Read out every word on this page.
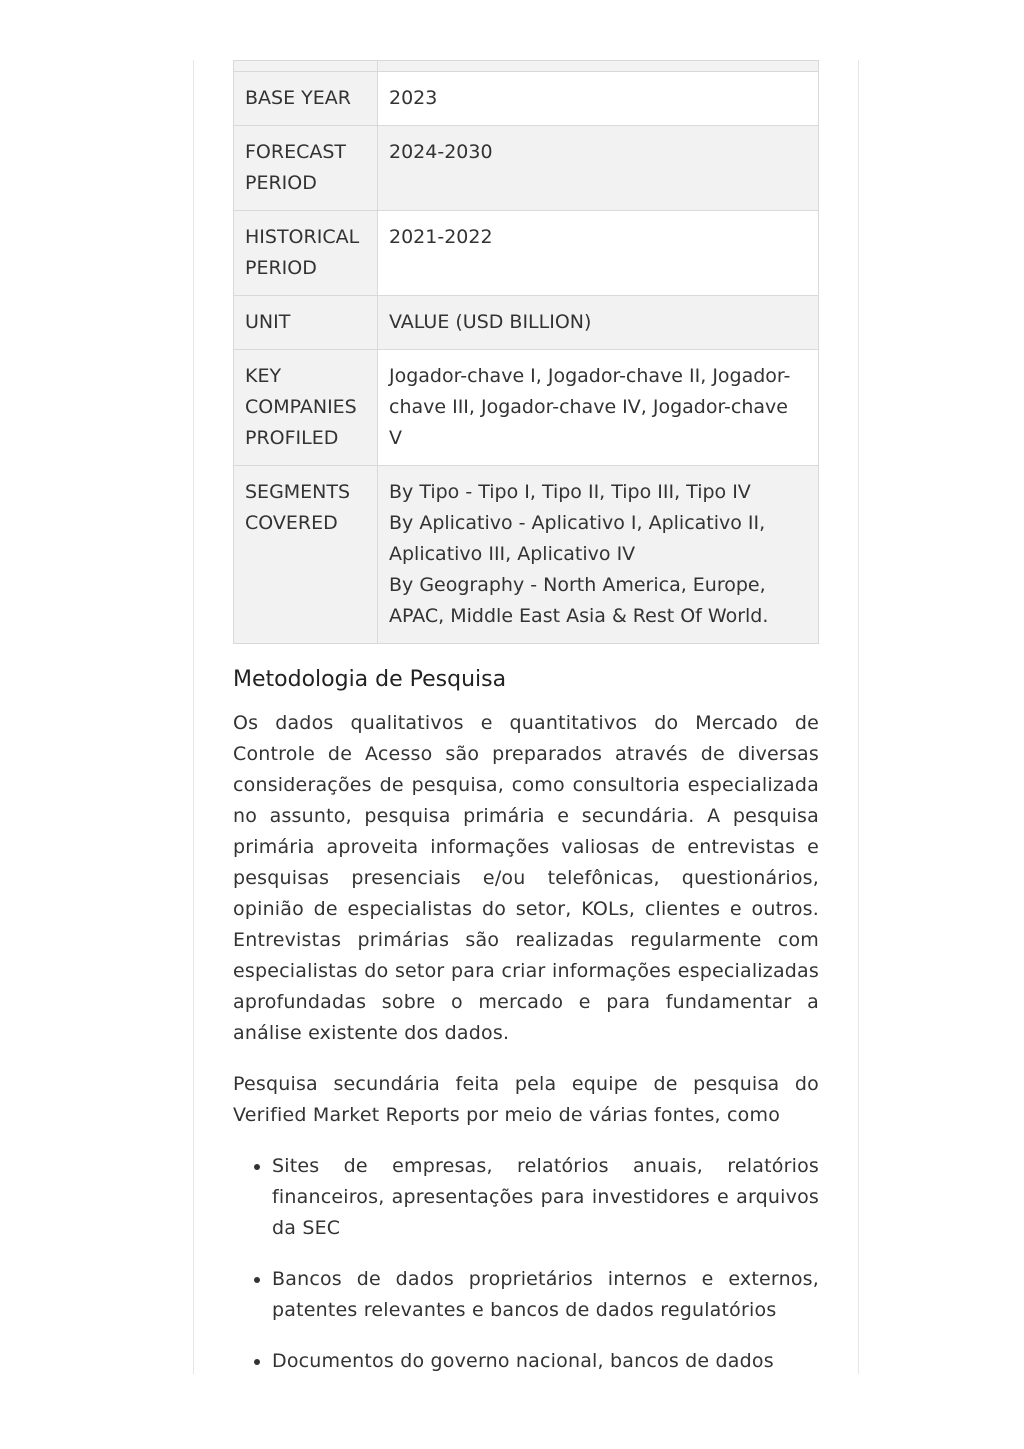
BASE YEAR	2023
FORECAST PERIOD	2024-2030
HISTORICAL PERIOD	2021-2022
UNIT	VALUE (USD BILLION)
KEY COMPANIES PROFILED	Jogador-chave I, Jogador-chave II, Jogador-chave III, Jogador-chave IV, Jogador-chave V
SEGMENTS COVERED	By Tipo - Tipo I, Tipo II, Tipo III, Tipo IV
By Aplicativo - Aplicativo I, Aplicativo II, Aplicativo III, Aplicativo IV
By Geography - North America, Europe, APAC, Middle East Asia & Rest Of World.
Metodologia de Pesquisa

Os dados qualitativos e quantitativos do Mercado de Controle de Acesso são preparados através de diversas considerações de pesquisa, como consultoria especializada no assunto, pesquisa primária e secundária. A pesquisa primária aproveita informações valiosas de entrevistas e pesquisas presenciais e/ou telefônicas, questionários, opinião de especialistas do setor, KOLs, clientes e outros. Entrevistas primárias são realizadas regularmente com especialistas do setor para criar informações especializadas aprofundadas sobre o mercado e para fundamentar a análise existente dos dados.

Pesquisa secundária feita pela equipe de pesquisa do Verified Market Reports por meio de várias fontes, como

• Sites de empresas, relatórios anuais, relatórios financeiros, apresentações para investidores e arquivos da SEC
• Bancos de dados proprietários internos e externos, patentes relevantes e bancos de dados regulatórios
• Documentos do governo nacional, bancos de dados
